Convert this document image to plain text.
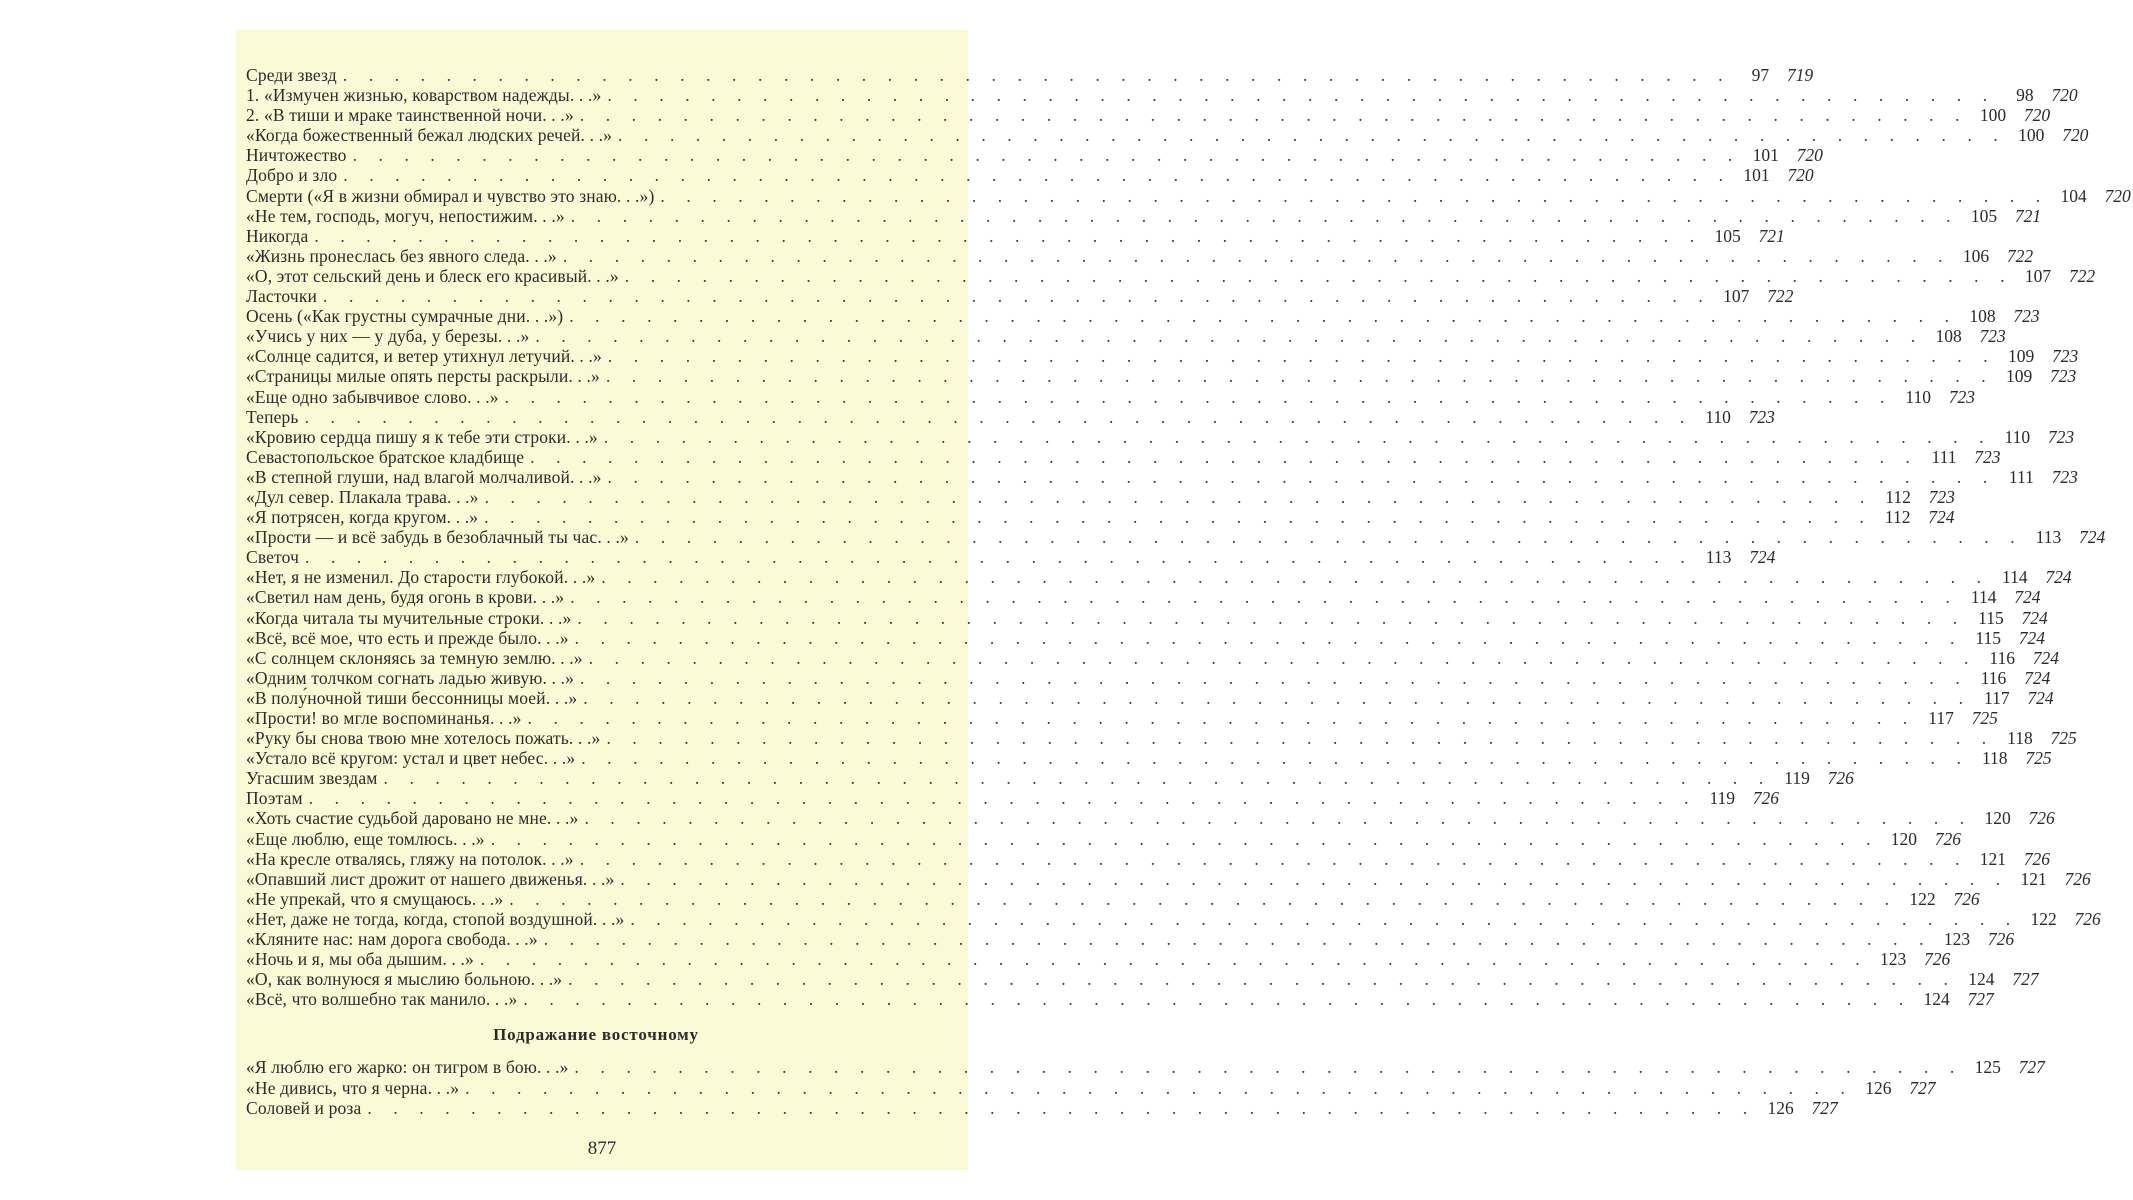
Среди звезд . . . . . . . . . . . . . . . . . . . . . . . . . . . . . . . . . . . . . . . . . . . . . . . . . . . . . .	97	719
1. «Измучен жизнью, коварством надежды. . .» . . . . . . . . . . . . . . . . . . . . . . . . . . . . . . . . . . . . . . . . . . . . . . . . . . . . . .	98	720
2. «В тиши и мраке таинственной ночи. . .» . . . . . . . . . . . . . . . . . . . . . . . . . . . . . . . . . . . . . . . . . . . . . . . . . . . . . . 100	720
«Когда божественный бежал людских речей. . .» . . . . . . . . . . . . . . . . . . . . . . . . . . . . . . . . . . . . . . . . . . . . . . . . . . . . . . 100	720
Ничтожество . . . . . . . . . . . . . . . . . . . . . . . . . . . . . . . . . . . . . . . . . . . . . . . . . . . . . . 101	720
Добро и зло . . . . . . . . . . . . . . . . . . . . . . . . . . . . . . . . . . . . . . . . . . . . . . . . . . . . . . 101	720
Смерти («Я в жизни обмирал и чувство это знаю. . .») . . . . . . . . . . . . . . . . . . . . . . . . . . . . . . . . . . . . . . . . . . . . . . . . . . . . . . 104	720
«Не тем, господь, могуч, непостижим. . .» . . . . . . . . . . . . . . . . . . . . . . . . . . . . . . . . . . . . . . . . . . . . . . . . . . . . . . 105	721
Никогда . . . . . . . . . . . . . . . . . . . . . . . . . . . . . . . . . . . . . . . . . . . . . . . . . . . . . . 105	721
«Жизнь пронеслась без явного следа. . .» . . . . . . . . . . . . . . . . . . . . . . . . . . . . . . . . . . . . . . . . . . . . . . . . . . . . . . 106	722
«О, этот сельский день и блеск его красивый. . .» . . . . . . . . . . . . . . . . . . . . . . . . . . . . . . . . . . . . . . . . . . . . . . . . . . . . . . 107	722
Ласточки . . . . . . . . . . . . . . . . . . . . . . . . . . . . . . . . . . . . . . . . . . . . . . . . . . . . . . 107	722
Осень («Как грустны сумрачные дни. . .») . . . . . . . . . . . . . . . . . . . . . . . . . . . . . . . . . . . . . . . . . . . . . . . . . . . . . . 108	723
«Учись у них — у дуба, у березы. . .» . . . . . . . . . . . . . . . . . . . . . . . . . . . . . . . . . . . . . . . . . . . . . . . . . . . . . . 108	723
«Солнце садится, и ветер утихнул летучий. . .» . . . . . . . . . . . . . . . . . . . . . . . . . . . . . . . . . . . . . . . . . . . . . . . . . . . . . . 109	723
«Страницы милые опять персты раскрыли. . .» . . . . . . . . . . . . . . . . . . . . . . . . . . . . . . . . . . . . . . . . . . . . . . . . . . . . . . 109	723
«Еще одно забывчивое слово. . .» . . . . . . . . . . . . . . . . . . . . . . . . . . . . . . . . . . . . . . . . . . . . . . . . . . . . . . 110	723
Теперь . . . . . . . . . . . . . . . . . . . . . . . . . . . . . . . . . . . . . . . . . . . . . . . . . . . . . . 110	723
«Кровию сердца пишу я к тебе эти строки. . .» . . . . . . . . . . . . . . . . . . . . . . . . . . . . . . . . . . . . . . . . . . . . . . . . . . . . . . 110	723
Севастопольское братское кладбище . . . . . . . . . . . . . . . . . . . . . . . . . . . . . . . . . . . . . . . . . . . . . . . . . . . . . . 111	723
«В степной глуши, над влагой молчаливой. . .» . . . . . . . . . . . . . . . . . . . . . . . . . . . . . . . . . . . . . . . . . . . . . . . . . . . . . . 111	723
«Дул север. Плакала трава. . .» . . . . . . . . . . . . . . . . . . . . . . . . . . . . . . . . . . . . . . . . . . . . . . . . . . . . . . 112	723
«Я потрясен, когда кругом. . .» . . . . . . . . . . . . . . . . . . . . . . . . . . . . . . . . . . . . . . . . . . . . . . . . . . . . . . 112	724
«Прости — и всё забудь в безоблачный ты час. . .» . . . . . . . . . . . . . . . . . . . . . . . . . . . . . . . . . . . . . . . . . . . . . . . . . . . . . . 113	724
Светоч . . . . . . . . . . . . . . . . . . . . . . . . . . . . . . . . . . . . . . . . . . . . . . . . . . . . . . 113	724
«Нет, я не изменил. До старости глубокой. . .» . . . . . . . . . . . . . . . . . . . . . . . . . . . . . . . . . . . . . . . . . . . . . . . . . . . . . . 114	724
«Светил нам день, будя огонь в крови. . .» . . . . . . . . . . . . . . . . . . . . . . . . . . . . . . . . . . . . . . . . . . . . . . . . . . . . . . 114	724
«Когда читала ты мучительные строки. . .» . . . . . . . . . . . . . . . . . . . . . . . . . . . . . . . . . . . . . . . . . . . . . . . . . . . . . . 115	724
«Всё, всё мое, что есть и прежде было. . .» . . . . . . . . . . . . . . . . . . . . . . . . . . . . . . . . . . . . . . . . . . . . . . . . . . . . . . 115	724
«С солнцем склоняясь за темную землю. . .» . . . . . . . . . . . . . . . . . . . . . . . . . . . . . . . . . . . . . . . . . . . . . . . . . . . . . . 116	724
«Одним толчком согнать ладью живую. . .» . . . . . . . . . . . . . . . . . . . . . . . . . . . . . . . . . . . . . . . . . . . . . . . . . . . . . . 116	724
«В полу́ночной тиши бессонницы моей. . .» . . . . . . . . . . . . . . . . . . . . . . . . . . . . . . . . . . . . . . . . . . . . . . . . . . . . . . 117	724
«Прости! во мгле воспоминанья. . .» . . . . . . . . . . . . . . . . . . . . . . . . . . . . . . . . . . . . . . . . . . . . . . . . . . . . . . 117	725
«Руку бы снова твою мне хотелось пожать. . .» . . . . . . . . . . . . . . . . . . . . . . . . . . . . . . . . . . . . . . . . . . . . . . . . . . . . . . 118	725
«Устало всё кругом: устал и цвет небес. . .» . . . . . . . . . . . . . . . . . . . . . . . . . . . . . . . . . . . . . . . . . . . . . . . . . . . . . . 118	725
Угасшим звездам . . . . . . . . . . . . . . . . . . . . . . . . . . . . . . . . . . . . . . . . . . . . . . . . . . . . . . 119	726
Поэтам . . . . . . . . . . . . . . . . . . . . . . . . . . . . . . . . . . . . . . . . . . . . . . . . . . . . . . 119	726
«Хоть счастие судьбой даровано не мне. . .» . . . . . . . . . . . . . . . . . . . . . . . . . . . . . . . . . . . . . . . . . . . . . . . . . . . . . . 120	726
«Еще люблю, еще томлюсь. . .» . . . . . . . . . . . . . . . . . . . . . . . . . . . . . . . . . . . . . . . . . . . . . . . . . . . . . . 120	726
«На кресле отвалясь, гляжу на потолок. . .» . . . . . . . . . . . . . . . . . . . . . . . . . . . . . . . . . . . . . . . . . . . . . . . . . . . . . . 121	726
«Опавший лист дрожит от нашего движенья. . .» . . . . . . . . . . . . . . . . . . . . . . . . . . . . . . . . . . . . . . . . . . . . . . . . . . . . . . 121	726
«Не упрекай, что я смущаюсь. . .» . . . . . . . . . . . . . . . . . . . . . . . . . . . . . . . . . . . . . . . . . . . . . . . . . . . . . . 122	726
«Нет, даже не тогда, когда, стопой воздушной. . .» . . . . . . . . . . . . . . . . . . . . . . . . . . . . . . . . . . . . . . . . . . . . . . . . . . . . . . 122	726
«Кляните нас: нам дорога свобода. . .» . . . . . . . . . . . . . . . . . . . . . . . . . . . . . . . . . . . . . . . . . . . . . . . . . . . . . . 123	726
«Ночь и я, мы оба дышим. . .» . . . . . . . . . . . . . . . . . . . . . . . . . . . . . . . . . . . . . . . . . . . . . . . . . . . . . . 123	726
«О, как волнуюся я мыслию больною. . .» . . . . . . . . . . . . . . . . . . . . . . . . . . . . . . . . . . . . . . . . . . . . . . . . . . . . . . 124	727
«Всё, что волшебно так манило. . .» . . . . . . . . . . . . . . . . . . . . . . . . . . . . . . . . . . . . . . . . . . . . . . . . . . . . . . 124	727
Подражание восточному
«Я люблю его жарко: он тигром в бою. . .» . . . . . . . . . . . . . . . . . . . . . . . . . . . . . . . . . . . . . . . . . . . . . . . . . . . . . . 125	727
«Не дивись, что я черна. . .» . . . . . . . . . . . . . . . . . . . . . . . . . . . . . . . . . . . . . . . . . . . . . . . . . . . . . . 126	727
Соловей и роза . . . . . . . . . . . . . . . . . . . . . . . . . . . . . . . . . . . . . . . . . . . . . . . . . . . . . . 126	727
877
